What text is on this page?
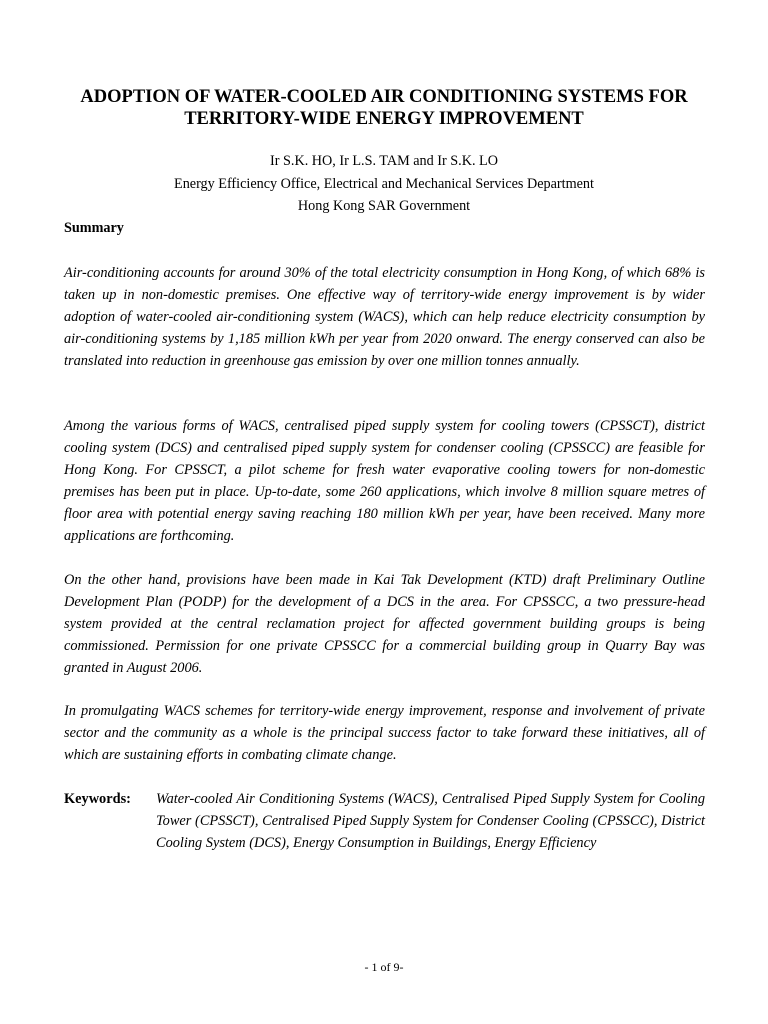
ADOPTION OF WATER-COOLED AIR CONDITIONING SYSTEMS FOR TERRITORY-WIDE ENERGY IMPROVEMENT

Ir S.K. HO, Ir L.S. TAM and Ir S.K. LO

Energy Efficiency Office, Electrical and Mechanical Services Department

Hong Kong SAR Government

Summary

Air-conditioning accounts for around 30% of the total electricity consumption in Hong Kong, of which 68% is taken up in non-domestic premises. One effective way of territory-wide energy improvement is by wider adoption of water-cooled air-conditioning system (WACS), which can help reduce electricity consumption by air-conditioning systems by 1,185 million kWh per year from 2020 onward. The energy conserved can also be translated into reduction in greenhouse gas emission by over one million tonnes annually.

Among the various forms of WACS, centralised piped supply system for cooling towers (CPSSCT), district cooling system (DCS) and centralised piped supply system for condenser cooling (CPSSCC) are feasible for Hong Kong. For CPSSCT, a pilot scheme for fresh water evaporative cooling towers for non-domestic premises has been put in place. Up-to-date, some 260 applications, which involve 8 million square metres of floor area with potential energy saving reaching 180 million kWh per year, have been received. Many more applications are forthcoming.

On the other hand, provisions have been made in Kai Tak Development (KTD) draft Preliminary Outline Development Plan (PODP) for the development of a DCS in the area. For CPSSCC, a two pressure-head system provided at the central reclamation project for affected government building groups is being commissioned. Permission for one private CPSSCC for a commercial building group in Quarry Bay was granted in August 2006.

In promulgating WACS schemes for territory-wide energy improvement, response and involvement of private sector and the community as a whole is the principal success factor to take forward these initiatives, all of which are sustaining efforts in combating climate change.

Keywords:	Water-cooled Air Conditioning Systems (WACS), Centralised Piped Supply System for Cooling Tower (CPSSCT), Centralised Piped Supply System for Condenser Cooling (CPSSCC), District Cooling System (DCS), Energy Consumption in Buildings, Energy Efficiency

- 1 of 9-
